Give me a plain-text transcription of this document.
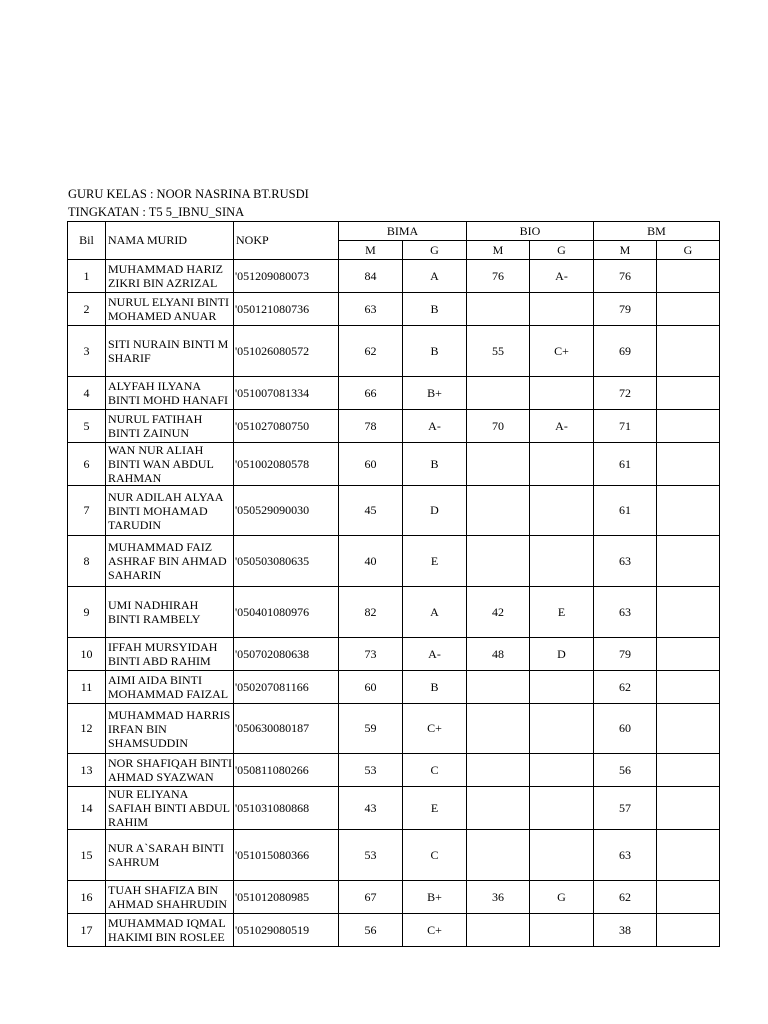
GURU KELAS : NOOR NASRINA BT.RUSDI
TINGKATAN : T5 5_IBNU_SINA
Bil	NAMA MURID	NOKP	BIMA		BIO		BM	
			M	G	M	G	M	G
1	MUHAMMAD HARIZ ZIKRI BIN AZRIZAL	'051209080073	84	A	76	A-	76	
2	NURUL ELYANI BINTI MOHAMED ANUAR	'050121080736	63	B			79	
3	SITI NURAIN BINTI M SHARIF	'051026080572	62	B	55	C+	69	
4	ALYFAH ILYANA BINTI MOHD HANAFI	'051007081334	66	B+			72	
5	NURUL FATIHAH BINTI ZAINUN	'051027080750	78	A-	70	A-	71	
6	WAN NUR ALIAH BINTI WAN ABDUL RAHMAN	'051002080578	60	B			61	
7	NUR ADILAH ALYAA BINTI MOHAMAD TARUDIN	'050529090030	45	D			61	
8	MUHAMMAD FAIZ ASHRAF BIN AHMAD SAHARIN	'050503080635	40	E			63	
9	UMI NADHIRAH BINTI RAMBELY	'050401080976	82	A	42	E	63	
10	IFFAH MURSYIDAH BINTI ABD RAHIM	'050702080638	73	A-	48	D	79	
11	AIMI AIDA BINTI MOHAMMAD FAIZAL	'050207081166	60	B			62	
12	MUHAMMAD HARRIS IRFAN BIN SHAMSUDDIN	'050630080187	59	C+			60	
13	NOR SHAFIQAH BINTI AHMAD SYAZWAN	'050811080266	53	C			56	
14	NUR ELIYANA SAFIAH BINTI ABDUL RAHIM	'051031080868	43	E			57	
15	NUR A`SARAH BINTI SAHRUM	'051015080366	53	C			63	
16	TUAH SHAFIZA BIN AHMAD SHAHRUDIN	'051012080985	67	B+	36	G	62	
17	MUHAMMAD IQMAL HAKIMI BIN ROSLEE	'051029080519	56	C+			38	
